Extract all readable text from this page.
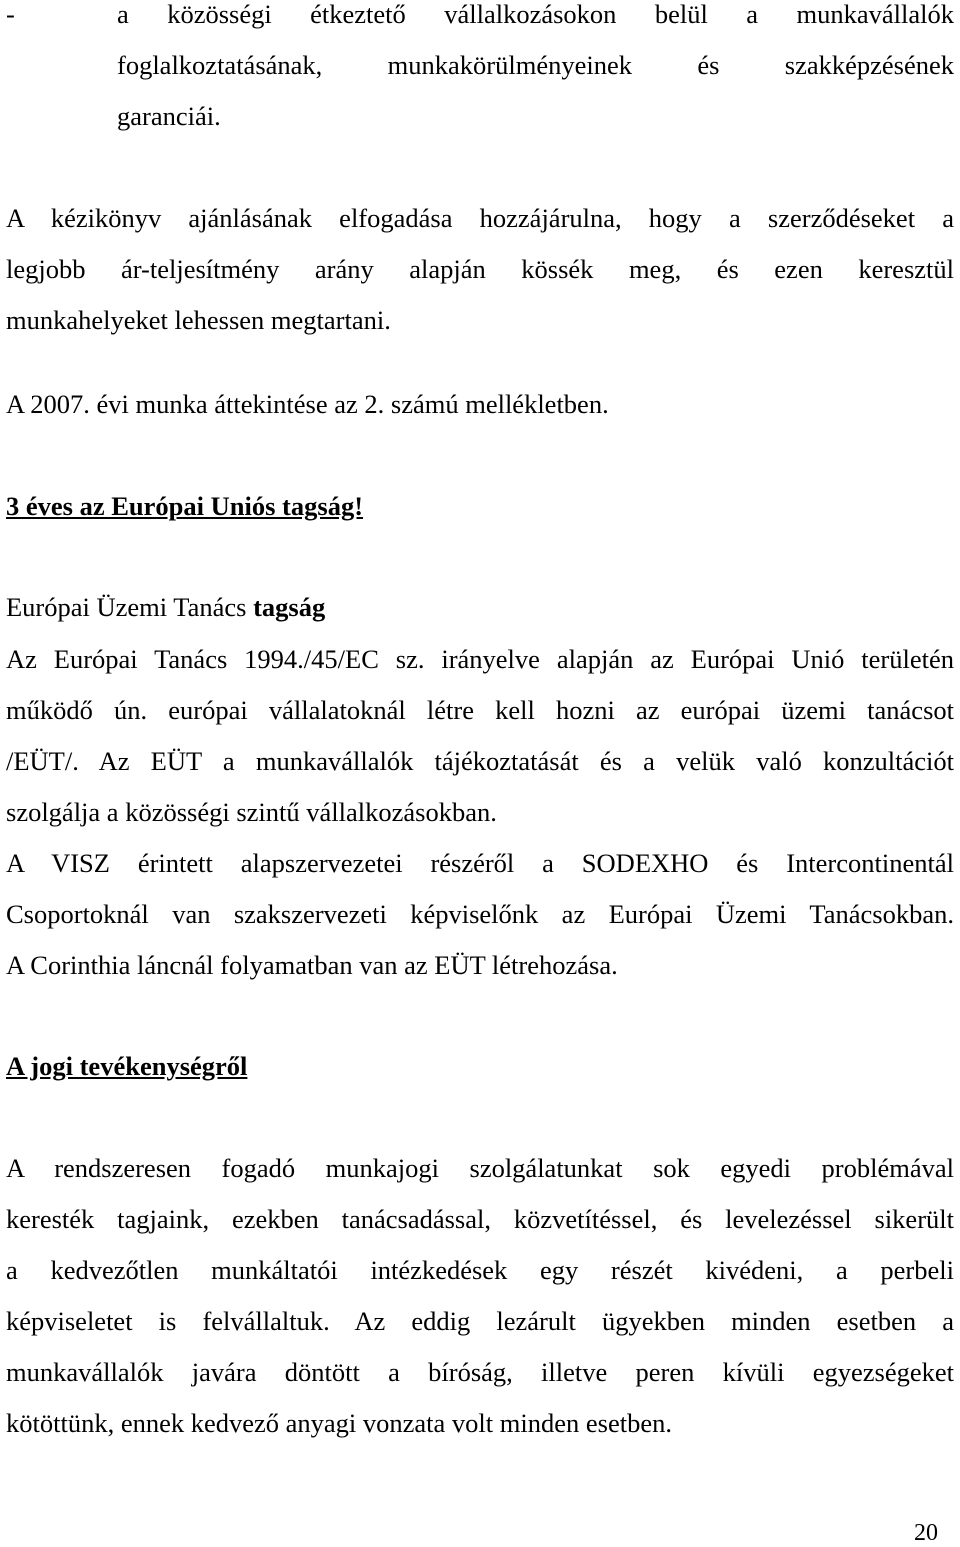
-	a közösségi étkeztető vállalkozásokon belül a munkavállalók
foglalkoztatásának, munkakörülményeinek és szakképzésének
garanciái.
A kézikönyv ajánlásának elfogadása hozzájárulna, hogy a szerződéseket a
legjobb ár-teljesítmény arány alapján kössék meg, és ezen keresztül
munkahelyeket lehessen megtartani.
A 2007. évi munka áttekintése az 2. számú mellékletben.
3 éves az Európai Uniós tagság!
Európai Üzemi Tanács tagság
Az Európai Tanács 1994./45/EC sz. irányelve alapján az Európai Unió területén
működő ún. európai vállalatoknál létre kell hozni az európai üzemi tanácsot
/EÜT/. Az EÜT a munkavállalók tájékoztatását és a velük való konzultációt
szolgálja a közösségi szintű vállalkozásokban.
A VISZ érintett alapszervezetei részéről a SODEXHO és Intercontinentál
Csoportoknál van szakszervezeti képviselőnk az Európai Üzemi Tanácsokban.
A Corinthia láncnál folyamatban van az EÜT létrehozása.
A jogi tevékenységről
A rendszeresen fogadó munkajogi szolgálatunkat sok egyedi problémával
keresték tagjaink, ezekben tanácsadással, közvetítéssel, és levelezéssel sikerült
a kedvezőtlen munkáltatói intézkedések egy részét kivédeni, a perbeli
képviseletet is felvállaltuk. Az eddig lezárult ügyekben minden esetben a
munkavállalók javára döntött a bíróság, illetve peren kívüli egyezségeket
kötöttünk, ennek kedvező anyagi vonzata volt minden esetben.
20
